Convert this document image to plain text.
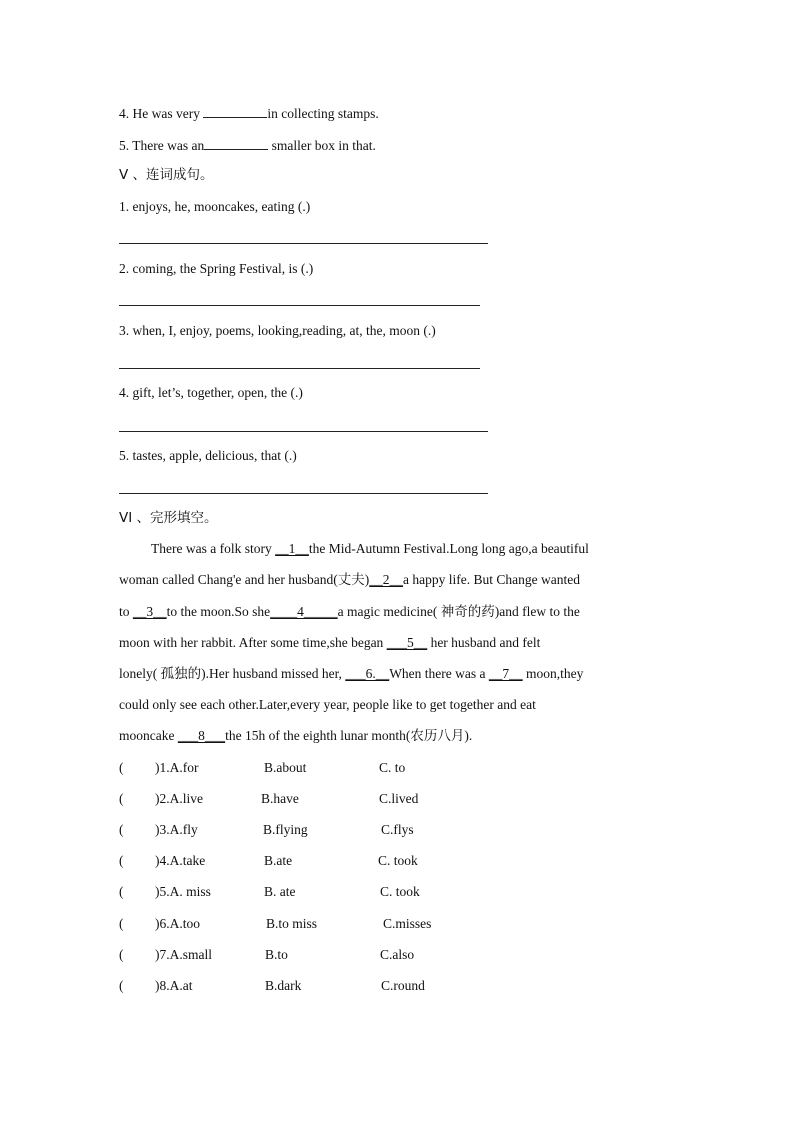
4. He was very	in collecting stamps.
5. There was an	smaller box in that.
V 、连词成句。
1. enjoys, he, mooncakes, eating (.)
2. coming, the Spring Festival, is (.)
3. when, I, enjoy, poems, looking,reading, at, the, moon (.)
4. gift, let’s, together, open, the (.)
5. tastes, apple, delicious, that (.)
VI 、完形填空。
There was a folk story __1__the Mid-Autumn Festival.Long long ago,a beautiful
woman called Chang'e and her husband(丈夫)__2__a happy life. But Change wanted
to __3__to the moon.So she____4_____a magic medicine( 神奇的药)and flew to the
moon with her rabbit. After some time,she began ___5__ her husband and felt
lonely( 孤独的).Her husband missed her, ___6.__When there was a __7__ moon,they
could only see each other.Later,every year, people like to get together and eat
mooncake ___8___the 15h of the eighth lunar month(农历八月).
( )1.A.for	B.about	C. to
( )2.A.live	B.have	C.lived
( )3.A.fly	B.flying	C.flys
( )4.A.take	B.ate	C. took
( )5.A. miss	B. ate	C. took
( )6.A.too	B.to miss	C.misses
( )7.A.small	B.to	C.also
( )8.A.at	B.dark	C.round
